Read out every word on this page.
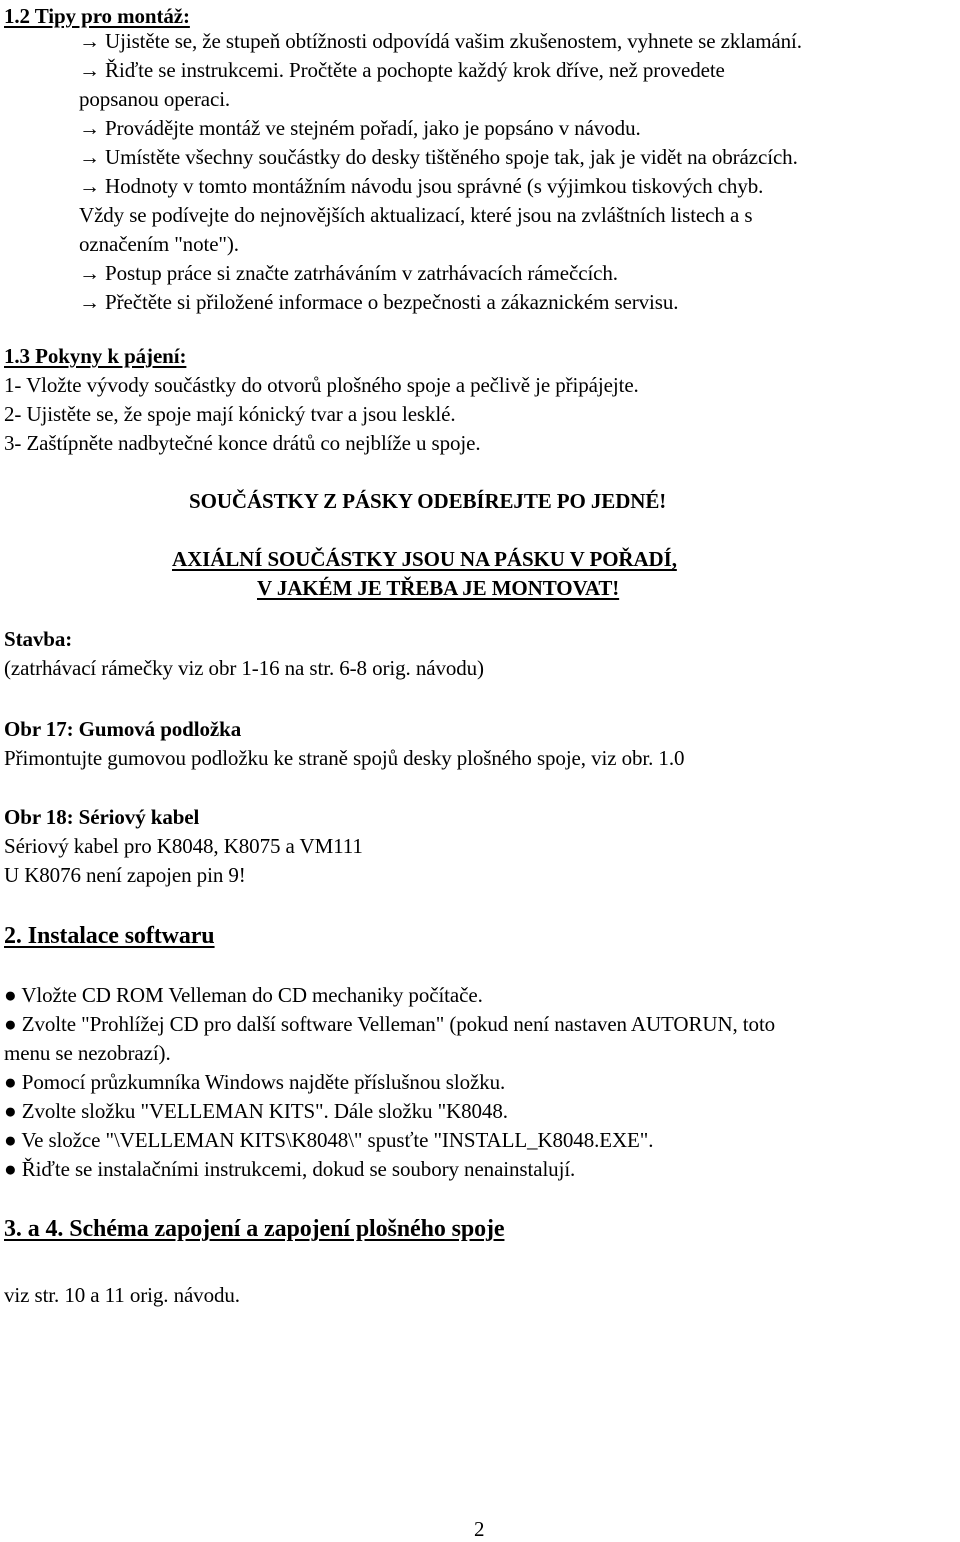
1.2 Tipy pro montáž:
→ Ujistěte se, že stupeň obtížnosti odpovídá vašim zkušenostem, vyhnete se zklamání.
→ Řiďte se instrukcemi. Pročtěte a pochopte každý krok dříve, než provedete
popsanou operaci.
→ Provádějte montáž ve stejném pořadí, jako je popsáno v návodu.
→ Umístěte všechny součástky do desky tištěného spoje tak, jak je vidět na obrázcích.
→ Hodnoty v tomto montážním návodu jsou správné (s výjimkou tiskových chyb.
Vždy se podívejte do nejnovějších aktualizací, které jsou na zvláštních listech a s
označením "note").
→ Postup práce si značte zatrháváním v zatrhávacích rámečcích.
→ Přečtěte si přiložené informace o bezpečnosti a zákaznickém servisu.
1.3 Pokyny k pájení:
1- Vložte vývody součástky do otvorů plošného spoje a pečlivě je připájejte.
2- Ujistěte se, že spoje mají kónický tvar a jsou lesklé.
3- Zaštípněte nadbytečné konce drátů co nejblíže u spoje.
SOUČÁSTKY Z PÁSKY ODEBÍREJTE PO JEDNÉ!
AXIÁLNÍ SOUČÁSTKY JSOU NA PÁSKU V POŘADÍ,
V JAKÉM JE TŘEBA JE MONTOVAT!
Stavba:
(zatrhávací rámečky viz obr 1-16 na str. 6-8 orig. návodu)
Obr 17: Gumová podložka
Přimontujte gumovou podložku ke straně spojů desky plošného spoje, viz obr. 1.0
Obr 18: Sériový kabel
Sériový kabel pro K8048, K8075 a VM111
U K8076 není zapojen pin 9!
2. Instalace softwaru
● Vložte CD ROM Velleman do CD mechaniky počítače.
● Zvolte "Prohlížej CD pro další software Velleman" (pokud není nastaven AUTORUN, toto
menu se nezobrazí).
● Pomocí průzkumníka Windows najděte příslušnou složku.
● Zvolte složku "VELLEMAN KITS". Dále složku "K8048.
● Ve složce "\VELLEMAN KITS\K8048\" spusťte "INSTALL_K8048.EXE".
● Řiďte se instalačními instrukcemi, dokud se soubory nenainstalují.
3. a 4. Schéma zapojení a zapojení plošného spoje
viz str. 10 a 11 orig. návodu.
2
